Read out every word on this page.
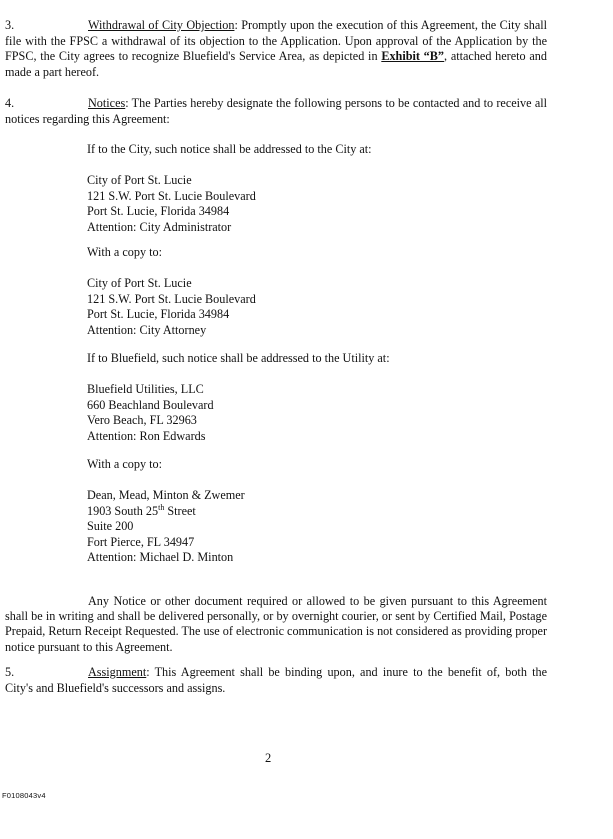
3.	Withdrawal of City Objection: Promptly upon the execution of this Agreement, the City shall file with the FPSC a withdrawal of its objection to the Application. Upon approval of the Application by the FPSC, the City agrees to recognize Bluefield's Service Area, as depicted in Exhibit “B”, attached hereto and made a part hereof.
4.	Notices: The Parties hereby designate the following persons to be contacted and to receive all notices regarding this Agreement:
If to the City, such notice shall be addressed to the City at:
City of Port St. Lucie
121 S.W. Port St. Lucie Boulevard
Port St. Lucie, Florida 34984
Attention: City Administrator
With a copy to:
City of Port St. Lucie
121 S.W. Port St. Lucie Boulevard
Port St. Lucie, Florida 34984
Attention: City Attorney
If to Bluefield, such notice shall be addressed to the Utility at:
Bluefield Utilities, LLC
660 Beachland Boulevard
Vero Beach, FL 32963
Attention: Ron Edwards
With a copy to:
Dean, Mead, Minton & Zwemer
1903 South 25th Street
Suite 200
Fort Pierce, FL 34947
Attention: Michael D. Minton
Any Notice or other document required or allowed to be given pursuant to this Agreement shall be in writing and shall be delivered personally, or by overnight courier, or sent by Certified Mail, Postage Prepaid, Return Receipt Requested. The use of electronic communication is not considered as providing proper notice pursuant to this Agreement.
5.	Assignment: This Agreement shall be binding upon, and inure to the benefit of, both the City's and Bluefield's successors and assigns.
2
F0108043v4
